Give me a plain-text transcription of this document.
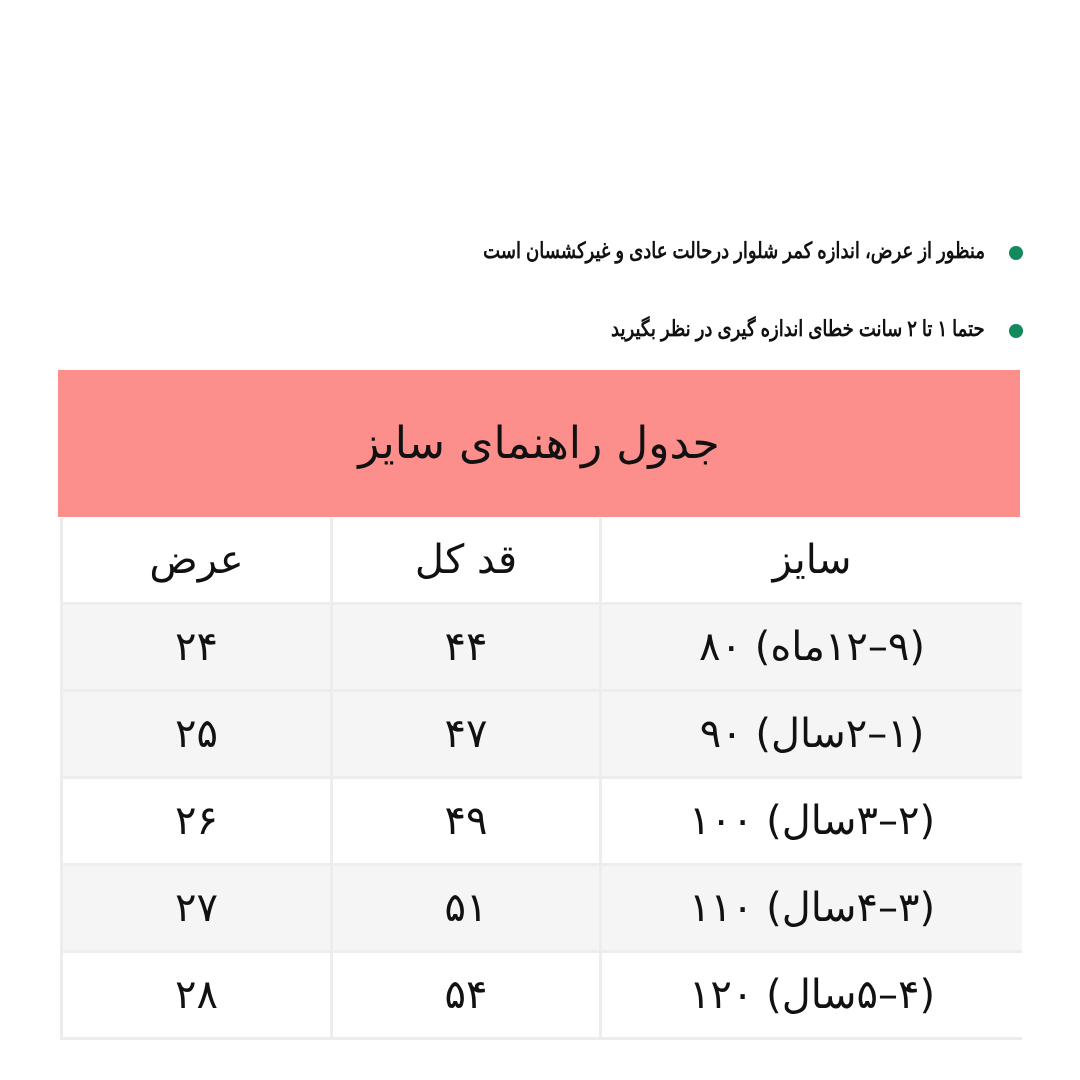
منظور از عرض، اندازه کمر شلوار درحالت عادی و غیرکشسان است
حتما ۱ تا ۲ سانت خطای اندازه گیری در نظر بگیرید
جدول راهنمای سایز
سایز
قد کل
عرض
(۹–۱۲ماه) ۸۰
۴۴
۲۴
(۱–۲سال) ۹۰
۴۷
۲۵
(۲–۳سال) ۱۰۰
۴۹
۲۶
(۳–۴سال) ۱۱۰
۵۱
۲۷
(۴–۵سال) ۱۲۰
۵۴
۲۸
